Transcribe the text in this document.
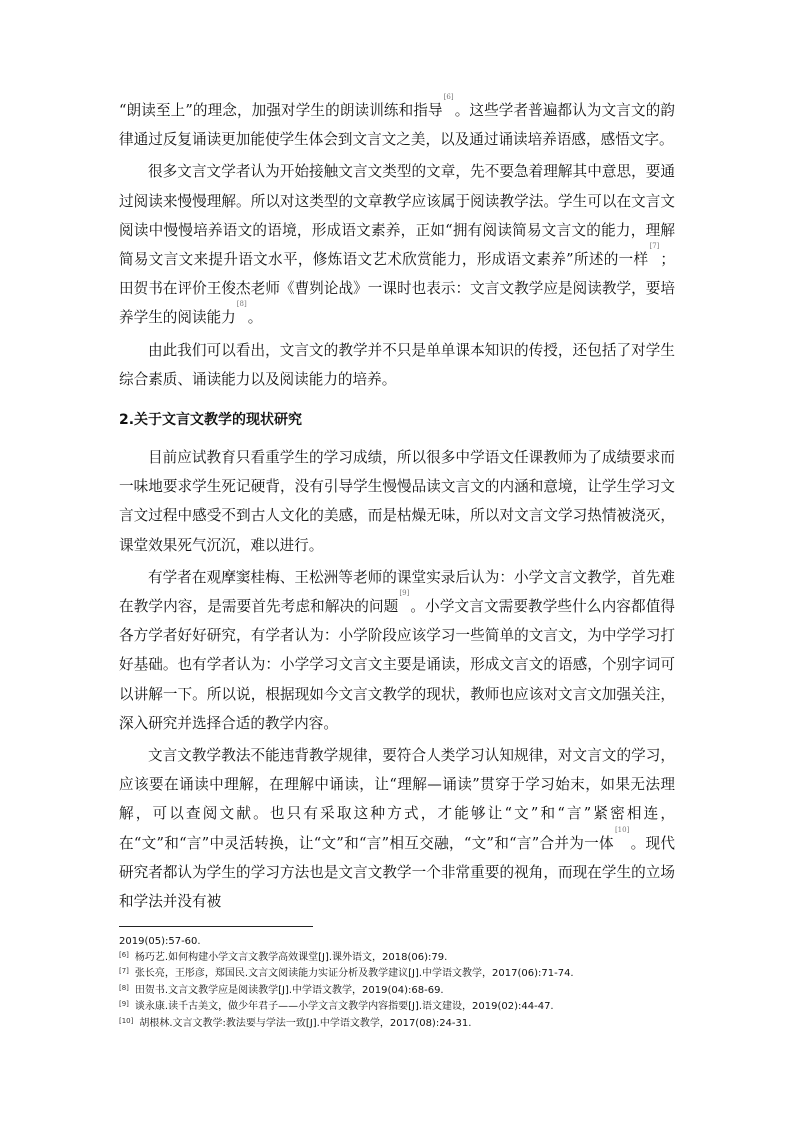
“朗读至上”的理念，加强对学生的朗读训练和指导[6]。这些学者普遍都认为文言文的韵律通过反复诵读更加能使学生体会到文言文之美，以及通过诵读培养语感，感悟文字。

很多文言文学者认为开始接触文言文类型的文章，先不要急着理解其中意思，要通过阅读来慢慢理解。所以对这类型的文章教学应该属于阅读教学法。学生可以在文言文阅读中慢慢培养语文的语境，形成语文素养，正如“拥有阅读简易文言文的能力，理解简易文言文来提升语文水平，修炼语文艺术欣赏能力，形成语文素养”所述的一样[7]；田贺书在评价王俊杰老师《曹刿论战》一课时也表示：文言文教学应是阅读教学，要培养学生的阅读能力[8]。

由此我们可以看出，文言文的教学并不只是单单课本知识的传授，还包括了对学生综合素质、诵读能力以及阅读能力的培养。

2.关于文言文教学的现状研究

目前应试教育只看重学生的学习成绩，所以很多中学语文任课教师为了成绩要求而一味地要求学生死记硬背，没有引导学生慢慢品读文言文的内涵和意境，让学生学习文言文过程中感受不到古人文化的美感，而是枯燥无味，所以对文言文学习热情被浇灭，课堂效果死气沉沉，难以进行。

有学者在观摩窦桂梅、王松洲等老师的课堂实录后认为：小学文言文教学，首先难在教学内容，是需要首先考虑和解决的问题[9]。小学文言文需要教学些什么内容都值得各方学者好好研究，有学者认为：小学阶段应该学习一些简单的文言文，为中学学习打好基础。也有学者认为：小学学习文言文主要是诵读，形成文言文的语感，个别字词可以讲解一下。所以说，根据现如今文言文教学的现状，教师也应该对文言文加强关注，深入研究并选择合适的教学内容。

文言文教学教法不能违背教学规律，要符合人类学习认知规律，对文言文的学习，应该要在诵读中理解，在理解中诵读，让“理解—诵读”贯穿于学习始末，如果无法理解，可以查阅文献。也只有采取这种方式，才能够让“文”和“言”紧密相连，在“文”和“言”中灵活转换，让“文”和“言”相互交融，“文”和“言”合并为一体[10]。现代研究者都认为学生的学习方法也是文言文教学一个非常重要的视角，而现在学生的立场和学法并没有被

2019(05):57-60.

[6] 杨巧艺.如何构建小学文言文教学高效课堂[J].课外语文，2018(06):79.

[7] 张长亮，王彤彦，郑国民.文言文阅读能力实证分析及教学建议[J].中学语文教学，2017(06):71-74.

[8] 田贺书.文言文教学应是阅读教学[J].中学语文教学，2019(04):68-69.

[9] 谈永康.读千古美文，做少年君子——小学文言文教学内容指要[J].语文建设，2019(02):44-47.

[10] 胡根林.文言文教学:教法要与学法一致[J].中学语文教学，2017(08):24-31.
